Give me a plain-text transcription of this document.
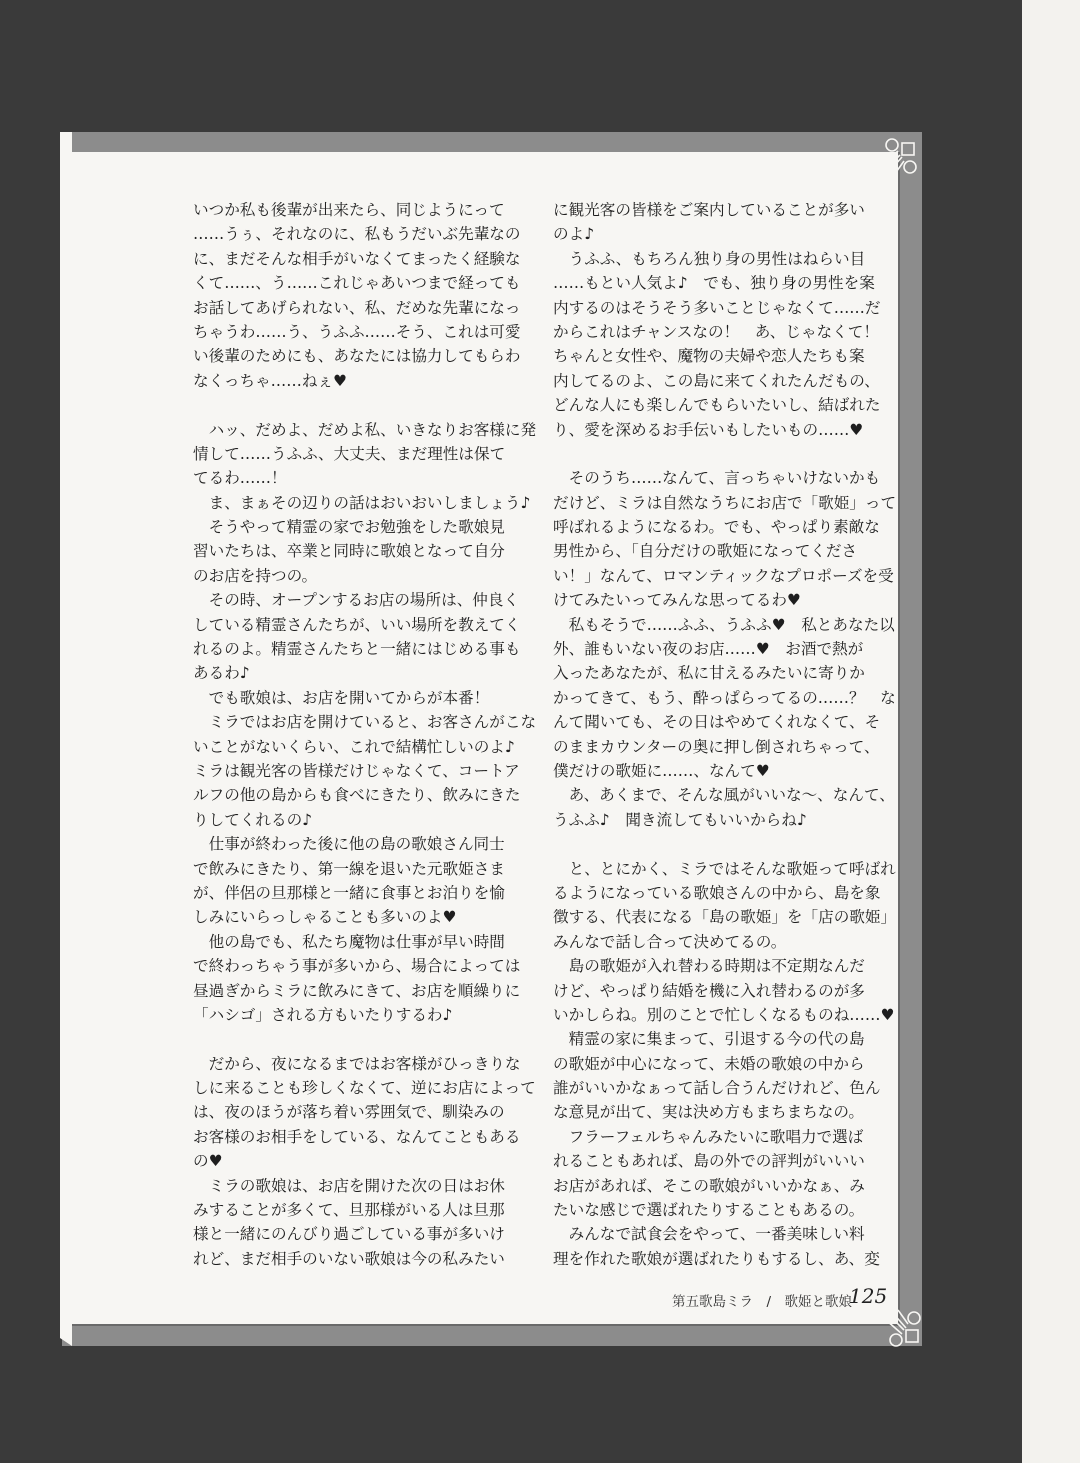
いつか私も後輩が出来たら、同じようにって
……うぅ、それなのに、私もうだいぶ先輩なの
に、まだそんな相手がいなくてまったく経験な
くて……、う……これじゃあいつまで経っても
お話してあげられない、私、だめな先輩になっ
ちゃうわ……う、うふふ……そう、これは可愛
い後輩のためにも、あなたには協力してもらわ
なくっちゃ……ねぇ♥
　ハッ、だめよ、だめよ私、いきなりお客様に発
情して……うふふ、大丈夫、まだ理性は保て
てるわ……！
　ま、まぁその辺りの話はおいおいしましょう♪
　そうやって精霊の家でお勉強をした歌娘見
習いたちは、卒業と同時に歌娘となって自分
のお店を持つの。
　その時、オープンするお店の場所は、仲良く
している精霊さんたちが、いい場所を教えてく
れるのよ。精霊さんたちと一緒にはじめる事も
あるわ♪
　でも歌娘は、お店を開いてからが本番！
　ミラではお店を開けていると、お客さんがこな
いことがないくらい、これで結構忙しいのよ♪
ミラは観光客の皆様だけじゃなくて、コートア
ルフの他の島からも食べにきたり、飲みにきた
りしてくれるの♪
　仕事が終わった後に他の島の歌娘さん同士
で飲みにきたり、第一線を退いた元歌姫さま
が、伴侶の旦那様と一緒に食事とお泊りを愉
しみにいらっしゃることも多いのよ♥
　他の島でも、私たち魔物は仕事が早い時間
で終わっちゃう事が多いから、場合によっては
昼過ぎからミラに飲みにきて、お店を順繰りに
「ハシゴ」される方もいたりするわ♪
　だから、夜になるまではお客様がひっきりな
しに来ることも珍しくなくて、逆にお店によって
は、夜のほうが落ち着い雰囲気で、馴染みの
お客様のお相手をしている、なんてこともある
の♥
　ミラの歌娘は、お店を開けた次の日はお休
みすることが多くて、旦那様がいる人は旦那
様と一緒にのんびり過ごしている事が多いけ
れど、まだ相手のいない歌娘は今の私みたい
に観光客の皆様をご案内していることが多い
のよ♪
　うふふ、もちろん独り身の男性はねらい目
……もとい人気よ♪　でも、独り身の男性を案
内するのはそうそう多いことじゃなくて……だ
からこれはチャンスなの！　あ、じゃなくて！
ちゃんと女性や、魔物の夫婦や恋人たちも案
内してるのよ、この島に来てくれたんだもの、
どんな人にも楽しんでもらいたいし、結ばれた
り、愛を深めるお手伝いもしたいもの……♥
　そのうち……なんて、言っちゃいけないかも
だけど、ミラは自然なうちにお店で「歌姫」って
呼ばれるようになるわ。でも、やっぱり素敵な
男性から、「自分だけの歌姫になってくださ
い！」なんて、ロマンティックなプロポーズを受
けてみたいってみんな思ってるわ♥
　私もそうで……ふふ、うふふ♥　私とあなた以
外、誰もいない夜のお店……♥　お酒で熱が
入ったあなたが、私に甘えるみたいに寄りか
かってきて、もう、酔っぱらってるの……？　な
んて聞いても、その日はやめてくれなくて、そ
のままカウンターの奥に押し倒されちゃって、
僕だけの歌姫に……、なんて♥
　あ、あくまで、そんな風がいいな～、なんて、
うふふ♪　聞き流してもいいからね♪
　と、とにかく、ミラではそんな歌姫って呼ばれ
るようになっている歌娘さんの中から、島を象
徴する、代表になる「島の歌姫」を「店の歌姫」
みんなで話し合って決めてるの。
　島の歌姫が入れ替わる時期は不定期なんだ
けど、やっぱり結婚を機に入れ替わるのが多
いかしらね。別のことで忙しくなるものね……♥
　精霊の家に集まって、引退する今の代の島
の歌姫が中心になって、未婚の歌娘の中から
誰がいいかなぁって話し合うんだけれど、色ん
な意見が出て、実は決め方もまちまちなの。
　フラーフェルちゃんみたいに歌唱力で選ば
れることもあれば、島の外での評判がいいい
お店があれば、そこの歌娘がいいかなぁ、み
たいな感じで選ばれたりすることもあるの。
　みんなで試食会をやって、一番美味しい料
理を作れた歌娘が選ばれたりもするし、あ、変
第五歌島ミラ　/　歌姫と歌娘
125
